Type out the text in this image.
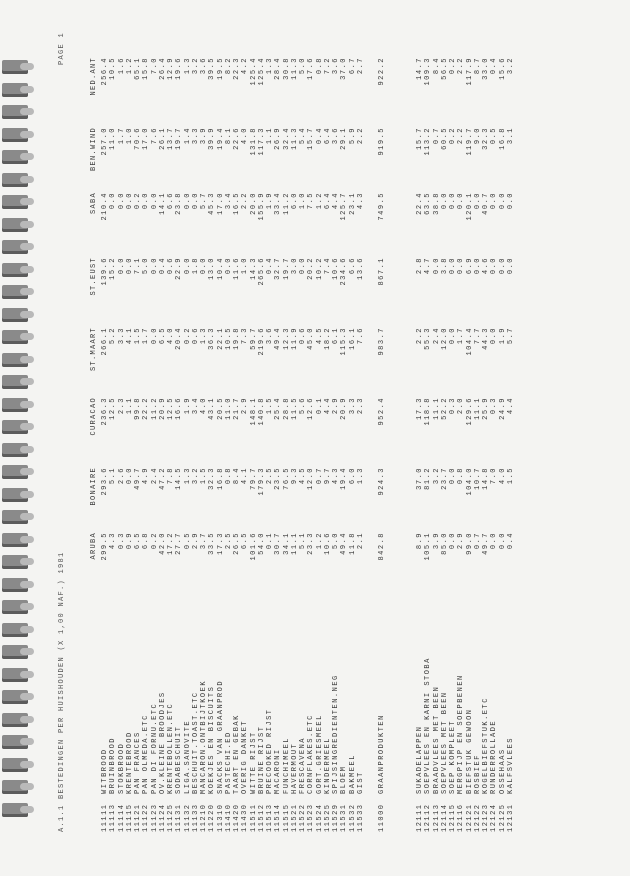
A.1.1 BESTEDINGEN PER HUISHOUDEN (X 1,00 NAF.) 1981
PAGE 1
ARUBA
BONAIRE
CURACAO
ST.MAART
ST.EUST
SABA
BEN.WIND
NED.ANT
11111
WITBROOD
299.5
293.6
236.3
266.1
139.6
210.4
257.0
256.4
11113
BRUINBROOD
4.3
5.1
12.5
5.2
15.2
0.0
11.0
10.5
11114
STOKBROOD
0.3
2.6
2.3
3.3
0.0
0.0
1.7
1.6
11115
KRENTEBROOD
0.9
0.0
1.1
4.1
0.0
0.0
1.0
1.2
11121
PAN FRANCES
6.5
49.7
99.8
1.5
7.1
0.2
70.6
65.1
11122
PAN OLMEDA.ETC
6.8
4.9
22.2
1.7
5.0
0.0
17.0
15.8
11123
PAN DI FORNU.ETC
0.2
2.4
11.2
0.0
0.0
0.0
7.6
7.0
11124
OV.KLEINE BROODJES
42.0
47.2
20.9
6.5
0.4
14.1
26.1
26.4
11125
KRENTEBOLLEN.ETC
17.2
7.8
12.5
4.0
0.6
6.6
13.7
12.9
11131
SODABESCHUIT
27.7
14.5
16.6
20.4
22.9
23.8
19.7
19.6
11132
LIGA.SANOVITE
0.5
1.3
1.9
0.2
0.0
0.0
1.4
1.3
11133
BESCHUIT.TOAST.ETC
2.9
3.2
3.4
0.6
1.8
0.0
3.3
3.2
11210
MANCARON.ONTBIJTKOEK
3.7
1.5
4.0
1.3
0.0
5.7
3.9
3.6
11220
KOEKJES EN BISCUITS
33.5
32.3
43.1
36.3
13.0
45.3
39.9
39.5
11310
SNACKS VAN GRAANPROD
17.3
16.8
20.5
22.1
10.4
17.0
19.4
19.5
11410
PASTECHI.ED
2.5
0.8
11.0
10.5
0.0
3.4
8.1
8.2
11420
TAART EN GEBAK
26.5
8.4
21.7
19.8
11.6
16.5
22.6
22.3
11430
OVERIG DANKET
6.5
4.1
2.9
7.3
1.0
2.2
4.0
4.2
11511
WITTE RIJST
101.6
79.7
148.1
59.7
14.3
20.0
131.8
125.4
11512
BRUINE RIJST
54.0
179.3
140.8
219.6
265.6
155.9
117.3
125.4
11513
PRECOOKED RIJST
0.1
2.5
1.5
3.6
0.4
1.9
1.1
1.3
11514
MACARONI
30.7
23.5
25.4
49.4
32.7
33.4
26.9
28.4
11515
FUNCHIMEEL
34.1
76.5
28.8
12.3
19.7
11.2
32.4
30.8
11521
HAVERMOUT
11.1
9.3
11.5
11.9
3.0
6.0
11.3
11.3
11522
FRESCAVENA
5.1
4.5
5.6
0.6
0.0
1.0
5.4
5.0
11523
CORNFLAKES.ETC
23.3
12.0
12.6
45.0
20.2
7.5
15.7
17.6
11524
GORT.GRIESMEEL
1.2
0.7
0.1
4.5
10.2
1.2
0.4
0.8
11525
KINDERMEEL
10.6
9.7
4.4
18.2
7.4
6.4
6.4
7.2
11529
SPIJSINGREDIENTEN.NEG
5.0
4.3
2.9
6.1
10.6
4.4
3.6
3.6
11531
BLOEM
49.4
19.4
20.9
115.3
234.6
125.7
29.1
37.0
11532
BAKMEEL
11.8
6.0
3.3
16.1
6.6
23.1
5.9
6.7
11533
GIST
2.1
1.3
2.3
7.6
13.6
4.3
2.2
2.7
11000
GRAANPRODUKTEN
842.8
924.3
952.4
983.7
867.1
749.5
919.5
922.2
12111
SUKADELAPPEN
8.9
37.0
17.3
2.2
2.8
22.4
15.7
14.7
12112
SOEPVLEES EN KARNI STOBA
105.1
81.2
118.8
55.3
4.7
63.5
113.2
109.3
12113
BRAADVLEES MET BEEN
3.9
3.2
11.1
2.4
0.0
38.8
0.7
8.4
12114
SOEPVLEES MET BEEN
85.0
23.7
52.2
12.0
3.8
0.0
60.5
56.5
12115
SOEP KOMPLEET
0.0
0.0
0.3
0.0
0.0
0.0
0.2
0.2
12116
MERGPIJP EN SOEPBENEN
2.9
0.8
2.0
1.7
0.0
0.0
2.2
2.2
12121
BIEFSTUK GEWOON
99.0
104.0
129.6
104.4
6.9
120.1
119.7
117.9
12122
ROSBIEF
0.7
10.7
11.1
7.7
0.0
0.0
9.0
8.7
12123
KOGELBIEFSTUK.ETC
49.7
14.8
25.9
44.3
4.6
40.7
32.3
33.0
12124
RUNDERROLLADE
0.0
7.0
0.3
0.0
0.0
0.0
0.5
0.4
12125
OSSEHAAS
0.0
4.0
24.9
1.9
0.0
0.0
16.8
15.6
12131
KALFSVLEES
0.4
1.5
4.4
5.7
0.0
0.0
3.1
3.2
